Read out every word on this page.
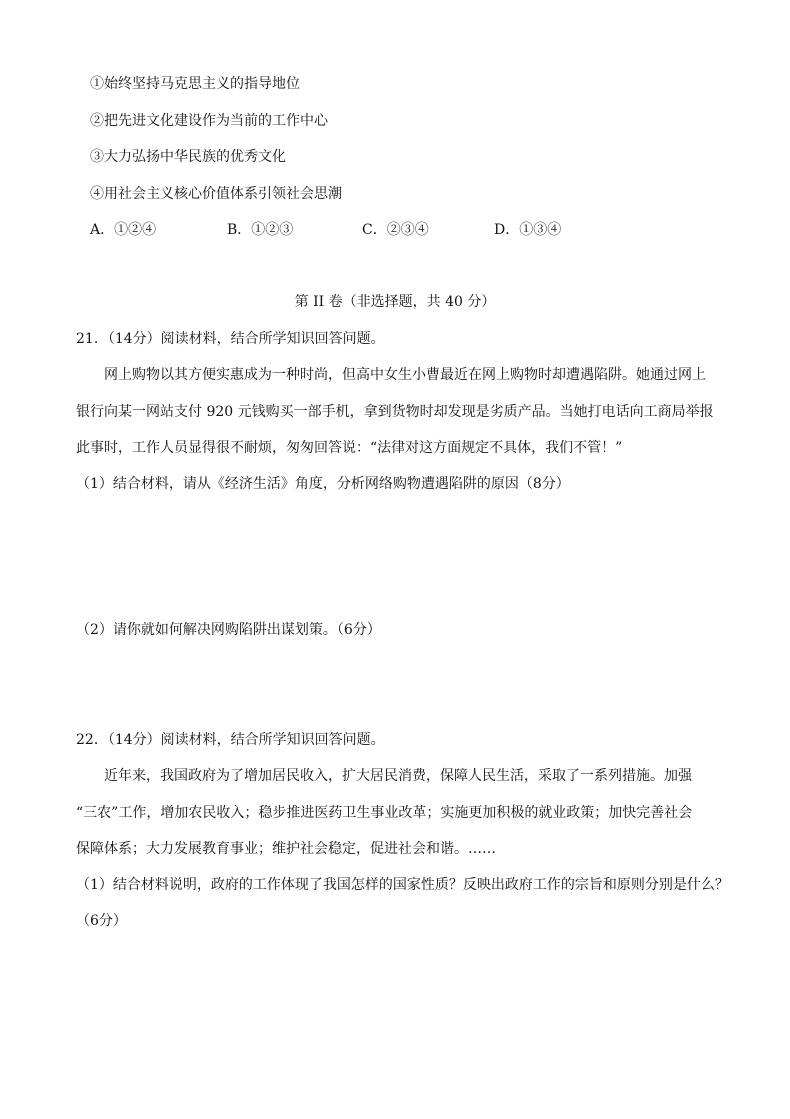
①始终坚持马克思主义的指导地位
②把先进文化建设作为当前的工作中心
③大力弘扬中华民族的优秀文化
④用社会主义核心价值体系引领社会思潮
A．①②④	B．①②③	C．②③④	D．①③④
第 II 卷（非选择题，共 40 分）
21．（14分）阅读材料，结合所学知识回答问题。
网上购物以其方便实惠成为一种时尚，但高中女生小曹最近在网上购物时却遭遇陷阱。她通过网上
银行向某一网站支付 920 元钱购买一部手机，拿到货物时却发现是劣质产品。当她打电话向工商局举报
此事时，工作人员显得很不耐烦，匆匆回答说：“法律对这方面规定不具体，我们不管！”
（1）结合材料，请从《经济生活》角度，分析网络购物遭遇陷阱的原因（8分）
（2）请你就如何解决网购陷阱出谋划策。（6分）
22．（14分）阅读材料，结合所学知识回答问题。
近年来，我国政府为了增加居民收入，扩大居民消费，保障人民生活，采取了一系列措施。加强
“三农”工作，增加农民收入；稳步推进医药卫生事业改革；实施更加积极的就业政策；加快完善社会
保障体系；大力发展教育事业；维护社会稳定，促进社会和谐。……
（1）结合材料说明，政府的工作体现了我国怎样的国家性质？反映出政府工作的宗旨和原则分别是什么？
（6分）
